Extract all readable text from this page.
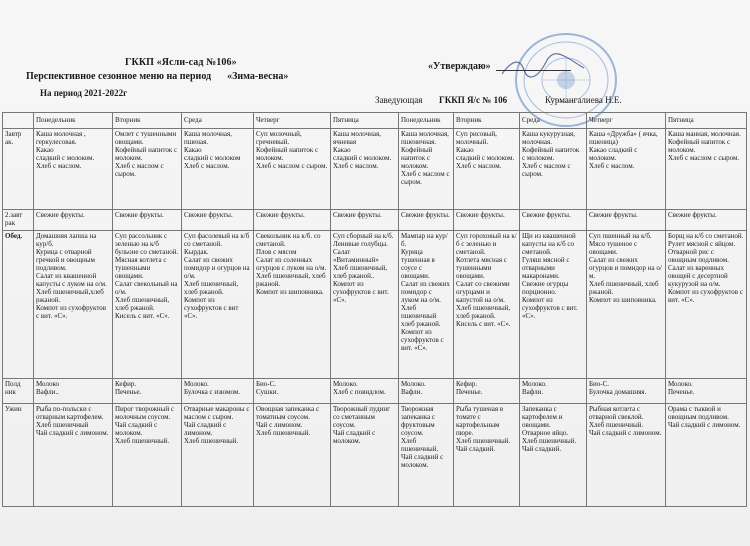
ГККП «Ясли-сад №106»
Перспективное сезонное меню на период «Зима-весна»
На период 2021-2022г
«Утверждаю»
Заведующая ГККП Я/с № 106	Курмангалиева Н.Е.
	Понедельник	Вторник	Среда	Четверг	Пятница	Понедельник	Вторник	Среда	Четверг	Пятница
Завтр ак.	Каша молочная , геркулесовая.
Какао
сладкий с молоком.
Хлеб с маслом.	Омлет с тушенными овощами.
Кофейный напиток с молоком.
Хлеб с маслом с сыром.	Каша молочная, пшеная.
Какао
сладкий с молоком
Хлеб с маслом.	Суп молочный, гречневый.
Кофейный напиток с молоком.
Хлеб с маслом с сыром.	Каша молочная, ячневая
Какао
сладкий с молоком.
Хлеб с маслом.	Каша молочная, пшеничная.
Кофейный напиток с молоком.
Хлеб с маслом с сыром.	Суп рисовый, молочный.
Какао
сладкий с молоком.
Хлеб с маслом.	Каша кукурузная, молочная.
Кофейный напиток с молоком.
Хлеб с маслом с сыром.	Каша «Дружба» ( ячка, пшеница)
Какао сладкий с молоком.
Хлеб с маслом.	Каша манная, молочная.
Кофейный напиток с молоком.
Хлеб с маслом с сыром.
2.завт рак	Свежие фрукты.	Свежие фрукты.	Свежие фрукты.	Свежие фрукты.	Свежие фрукты.	Свежие фрукты.	Свежие фрукты.	Свежие фрукты.	Свежие фрукты.	Свежие фрукты.
Обед.	Домашняя лапша на кур/б.
Курица с отварной гречкой и овощным подливом.
Салат из квашенной капусты с луком на о/м.
Хлеб пшеничный,хлеб ржаной.
Компот из сухофруктов с вит. «С».	Суп рассольник с зеленью на к/б бульоне со сметаной.
Мясная котлета с тушенными овощами.
Салат свекольный на о/м.
Хлеб пшеничный, хлеб ржаной.
Кисель с вит. «С».	Суп фасолевый на к/б со сметаной.
Кырдак.
Салат из свежих помидор и огурцов на о/м.
Хлеб пшеничный, хлеб ржаной.
Компот из сухофруктов с вит «С».	Свекольник на к/б. со сметаной.
Плов с мясом
Салат из соленных огурцов с луком на о/м. Хлеб пшеничный, хлеб ржаной.
Компот из шиповника.	Суп сборный на к/б.
Ленивые голубцы.
Салат «Витаминный»
Хлеб пшеничный, хлеб ржаной..
Компот из сухофруктов с вит. «С».	Мампар на кур/б.
Курица тушенная в соусе с овощами.
Салат из свежих помидор с луком на о/м.
Хлеб пшеничный хлеб ржаной.
Компот из сухофруктов с вит. «С».	Суп гороховый на к/б с зеленью и сметаной.
Котлета мясная с тушенными овощами.
Салат со свежими огурцами и капустой на о/м.
Хлеб пшеничный, хлеб ржаной.
Кисель с вит. «С».	Щи из квашенной капусты на к/б со сметаной.
Гуляш мясной с отварными макаронами.
Свежие огурцы порционно.
Компот из сухофруктов с вит. «С».	Суп пшенный на к/б.
Мясо тушеное с овощами.
Салат из свежих огурцов и помидор на о/м.
Хлеб пшеничный, хлеб ржаной.
Компот из шиповника.	Борщ на к/б со сметаной.
Рулет мясной с яйцом.
Отварной рис с овощным подливом.
Салат из варенных овощей с десертной кукурузой на о/м.
Компот из сухофруктов с вит. «С».
Полд ник	Молоко
Вафли..	Кефир.
Печенье.	Молоко.
Булочка с изюмом.	Био-С.
Сушки.	Молоко.
Хлеб с повидлом.	Молоко.
Вафли.	Кефир.
Печенье.	Молоко.
Вафли.	Био-С.
Булочка домашняя.	Молоко.
Печенье.
Ужин	Рыба по-польски с отварным картофелем.
Хлеб пшеничный
Чай сладкий с лимоном.	Пирог творожный с молочным соусом.
Чай сладкий с молоком.
Хлеб пшеничный.	Отварные макароны с маслом с сыром.
Чай сладкий с лимоном.
Хлеб пшеничный.	Овощная запеканка с томатным соусом.
Чай с лимоном.
Хлеб пшеничный.	Творожный пудинг со сметанным соусом.
Чай сладкий с молоком.	Творожная запеканка с фруктовым соусом.
Хлеб пшеничный.
Чай сладкий с молоком.	Рыба тушеная в томате с картофельным пюре.
Хлеб пшеничный.
Чай сладкий.	Запеканка с картофелем и овощами.
Отварное яйцо.
Хлеб пшеничный.
Чай сладкий.	Рыбная котлета с отварной свеклой.
Хлеб пшеничный.
Чай сладкий с лимоном.	Орама с тыквой и овощным подливом.
Чай сладкий с лимоном.
